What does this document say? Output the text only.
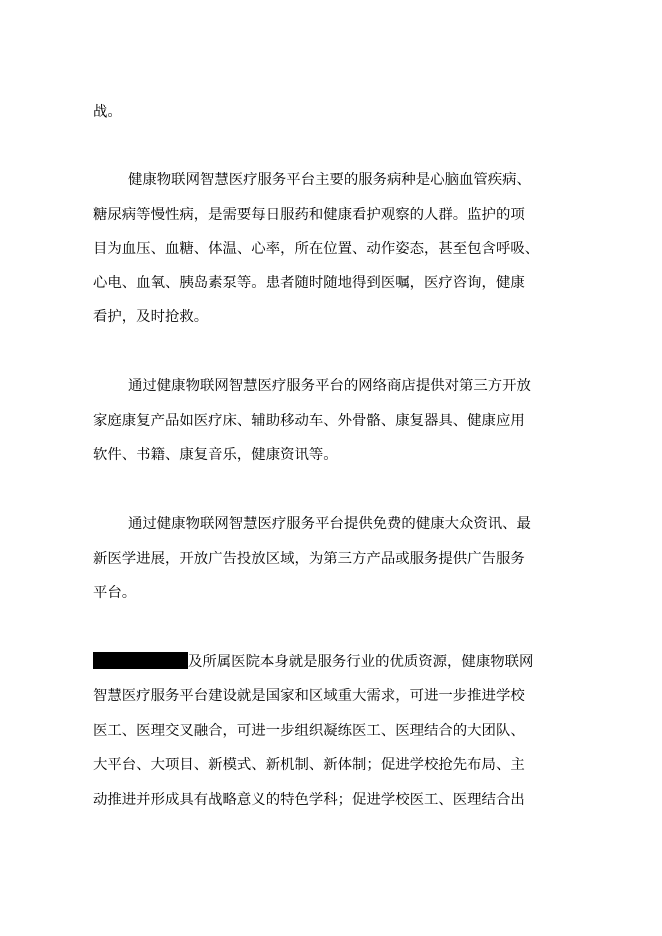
战。
健康物联网智慧医疗服务平台主要的服务病种是心脑血管疾病、
糖尿病等慢性病，是需要每日服药和健康看护观察的人群。监护的项
目为血压、血糖、体温、心率，所在位置、动作姿态，甚至包含呼吸、
心电、血氧、胰岛素泵等。患者随时随地得到医嘱，医疗咨询，健康
看护，及时抢救。
通过健康物联网智慧医疗服务平台的网络商店提供对第三方开放
家庭康复产品如医疗床、辅助移动车、外骨骼、康复器具、健康应用
软件、书籍、康复音乐，健康资讯等。
通过健康物联网智慧医疗服务平台提供免费的健康大众资讯、最
新医学进展，开放广告投放区域，为第三方产品或服务提供广告服务
平台。
及所属医院本身就是服务行业的优质资源，健康物联网
智慧医疗服务平台建设就是国家和区域重大需求，可进一步推进学校
医工、医理交叉融合，可进一步组织凝练医工、医理结合的大团队、
大平台、大项目、新模式、新机制、新体制；促进学校抢先布局、主
动推进并形成具有战略意义的特色学科；促进学校医工、医理结合出
